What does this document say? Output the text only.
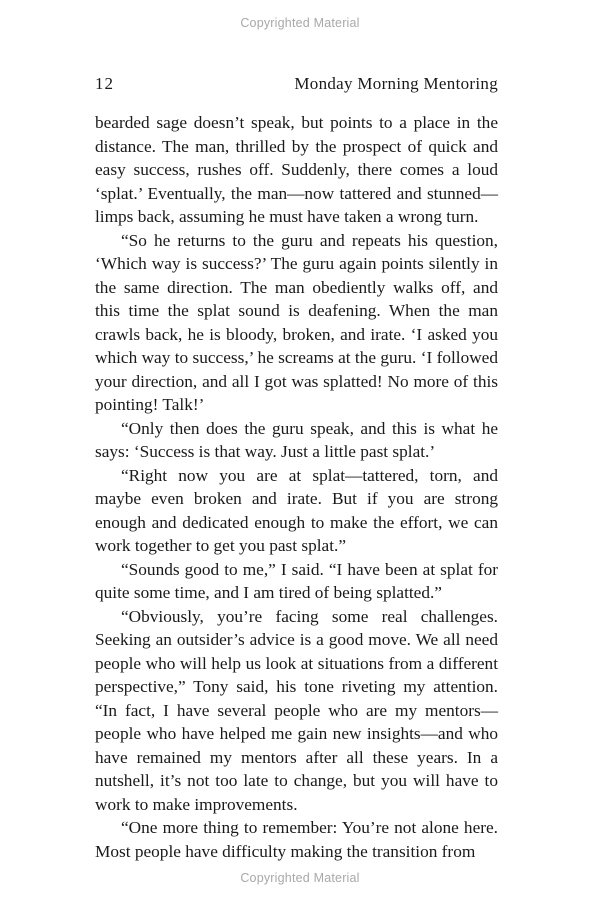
Copyrighted Material
12	Monday Morning Mentoring

bearded sage doesn’t speak, but points to a place in the distance. The man, thrilled by the prospect of quick and easy success, rushes off. Suddenly, there comes a loud ‘splat.’ Eventually, the man—now tattered and stunned—limps back, assuming he must have taken a wrong turn.

“So he returns to the guru and repeats his question, ‘Which way is success?’ The guru again points silently in the same direction. The man obediently walks off, and this time the splat sound is deafening. When the man crawls back, he is bloody, broken, and irate. ‘I asked you which way to success,’ he screams at the guru. ‘I followed your direction, and all I got was splatted! No more of this pointing! Talk!’

“Only then does the guru speak, and this is what he says: ‘Success is that way. Just a little past splat.’

“Right now you are at splat—tattered, torn, and maybe even broken and irate. But if you are strong enough and dedicated enough to make the effort, we can work together to get you past splat.”

“Sounds good to me,” I said. “I have been at splat for quite some time, and I am tired of being splatted.”

“Obviously, you’re facing some real challenges. Seeking an outsider’s advice is a good move. We all need people who will help us look at situations from a different perspective,” Tony said, his tone riveting my attention. “In fact, I have several people who are my mentors—people who have helped me gain new insights—and who have remained my mentors after all these years. In a nutshell, it’s not too late to change, but you will have to work to make improvements.

“One more thing to remember: You’re not alone here. Most people have difficulty making the transition from

Copyrighted Material
